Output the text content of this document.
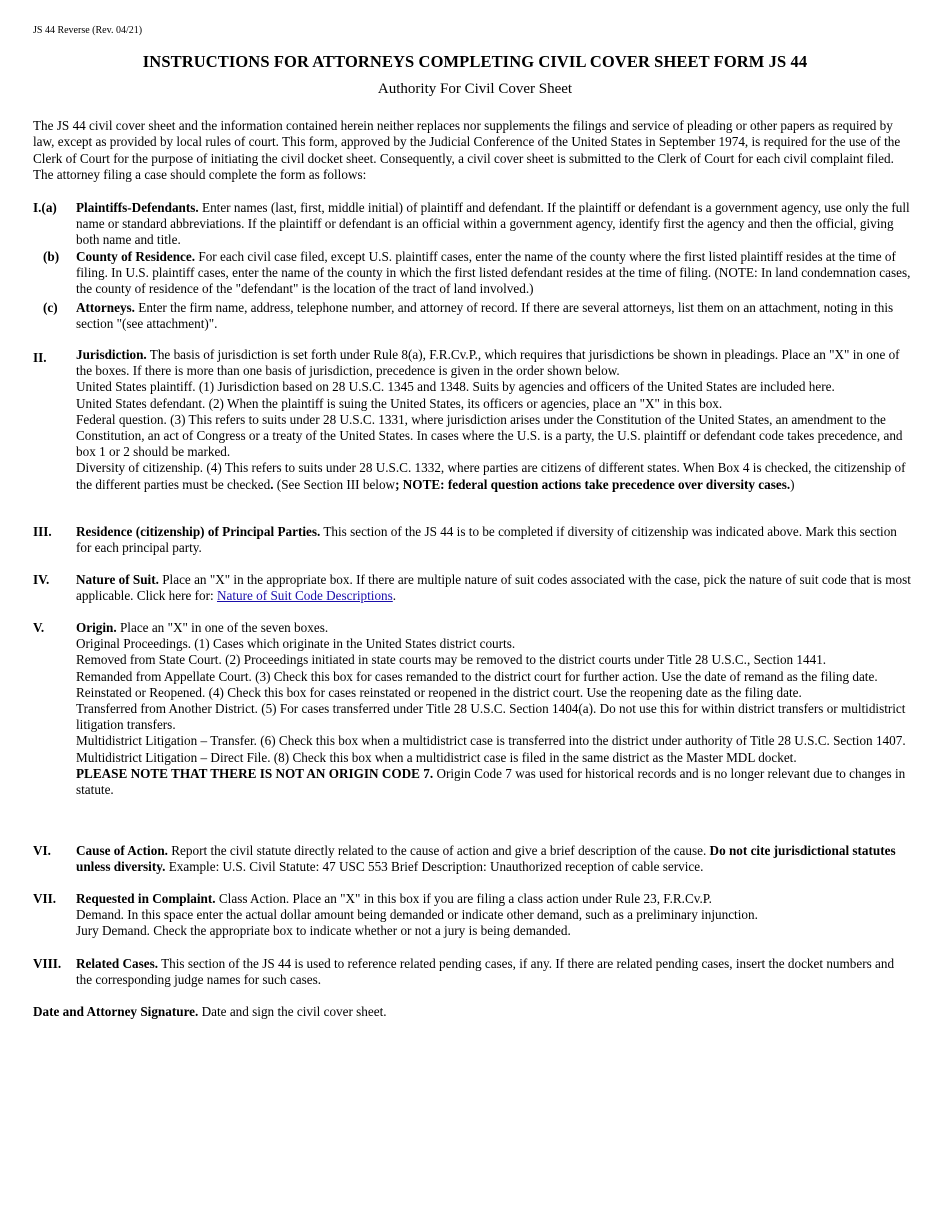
JS 44 Reverse (Rev. 04/21)
INSTRUCTIONS FOR ATTORNEYS COMPLETING CIVIL COVER SHEET FORM JS 44
Authority For Civil Cover Sheet
The JS 44 civil cover sheet and the information contained herein neither replaces nor supplements the filings and service of pleading or other papers as required by law, except as provided by local rules of court. This form, approved by the Judicial Conference of the United States in September 1974, is required for the use of the Clerk of Court for the purpose of initiating the civil docket sheet. Consequently, a civil cover sheet is submitted to the Clerk of Court for each civil complaint filed. The attorney filing a case should complete the form as follows:
I.(a) Plaintiffs-Defendants. Enter names (last, first, middle initial) of plaintiff and defendant. If the plaintiff or defendant is a government agency, use only the full name or standard abbreviations. If the plaintiff or defendant is an official within a government agency, identify first the agency and then the official, giving both name and title.
(b) County of Residence. For each civil case filed, except U.S. plaintiff cases, enter the name of the county where the first listed plaintiff resides at the time of filing. In U.S. plaintiff cases, enter the name of the county in which the first listed defendant resides at the time of filing. (NOTE: In land condemnation cases, the county of residence of the "defendant" is the location of the tract of land involved.)
(c) Attorneys. Enter the firm name, address, telephone number, and attorney of record. If there are several attorneys, list them on an attachment, noting in this section "(see attachment)".
II. Jurisdiction. The basis of jurisdiction is set forth under Rule 8(a), F.R.Cv.P., which requires that jurisdictions be shown in pleadings. Place an "X" in one of the boxes. If there is more than one basis of jurisdiction, precedence is given in the order shown below.

United States plaintiff. (1) Jurisdiction based on 28 U.S.C. 1345 and 1348. Suits by agencies and officers of the United States are included here.

United States defendant. (2) When the plaintiff is suing the United States, its officers or agencies, place an "X" in this box.

Federal question. (3) This refers to suits under 28 U.S.C. 1331, where jurisdiction arises under the Constitution of the United States, an amendment to the Constitution, an act of Congress or a treaty of the United States. In cases where the U.S. is a party, the U.S. plaintiff or defendant code takes precedence, and box 1 or 2 should be marked.

Diversity of citizenship. (4) This refers to suits under 28 U.S.C. 1332, where parties are citizens of different states. When Box 4 is checked, the citizenship of the different parties must be checked. (See Section III below; NOTE: federal question actions take precedence over diversity cases.)

III. Residence (citizenship) of Principal Parties. This section of the JS 44 is to be completed if diversity of citizenship was indicated above. Mark this section for each principal party.
IV. Nature of Suit. Place an "X" in the appropriate box. If there are multiple nature of suit codes associated with the case, pick the nature of suit code that is most applicable. Click here for: Nature of Suit Code Descriptions.
V. Origin. Place an "X" in one of the seven boxes.

Original Proceedings. (1) Cases which originate in the United States district courts.

Removed from State Court. (2) Proceedings initiated in state courts may be removed to the district courts under Title 28 U.S.C., Section 1441.

Remanded from Appellate Court. (3) Check this box for cases remanded to the district court for further action. Use the date of remand as the filing date.

Reinstated or Reopened. (4) Check this box for cases reinstated or reopened in the district court. Use the reopening date as the filing date.

Transferred from Another District. (5) For cases transferred under Title 28 U.S.C. Section 1404(a). Do not use this for within district transfers or multidistrict litigation transfers.

Multidistrict Litigation – Transfer. (6) Check this box when a multidistrict case is transferred into the district under authority of Title 28 U.S.C. Section 1407.

Multidistrict Litigation – Direct File. (8) Check this box when a multidistrict case is filed in the same district as the Master MDL docket.

PLEASE NOTE THAT THERE IS NOT AN ORIGIN CODE 7. Origin Code 7 was used for historical records and is no longer relevant due to changes in statute.

VI. Cause of Action. Report the civil statute directly related to the cause of action and give a brief description of the cause. Do not cite jurisdictional statutes unless diversity. Example: U.S. Civil Statute: 47 USC 553 Brief Description: Unauthorized reception of cable service.
VII. Requested in Complaint. Class Action. Place an "X" in this box if you are filing a class action under Rule 23, F.R.Cv.P.

Demand. In this space enter the actual dollar amount being demanded or indicate other demand, such as a preliminary injunction.

Jury Demand. Check the appropriate box to indicate whether or not a jury is being demanded.

VIII. Related Cases. This section of the JS 44 is used to reference related pending cases, if any. If there are related pending cases, insert the docket numbers and the corresponding judge names for such cases.
Date and Attorney Signature. Date and sign the civil cover sheet.
